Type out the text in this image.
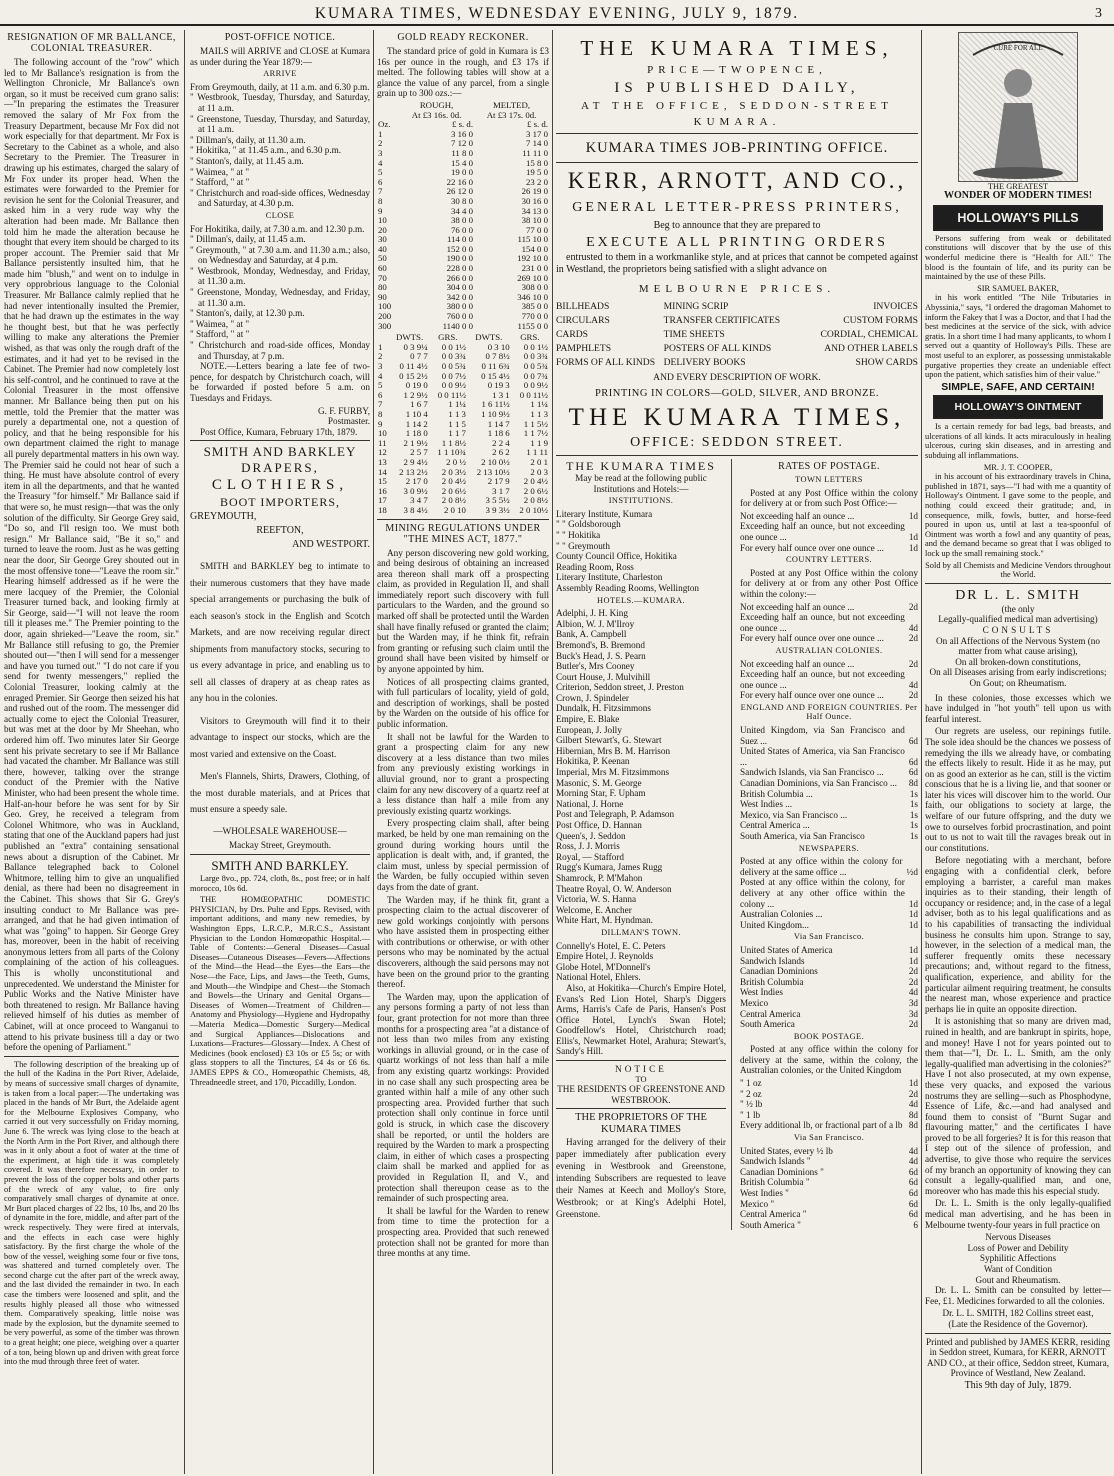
KUMARA TIMES, WEDNESDAY EVENING, JULY 9, 1879.	3
RESIGNATION OF MR BALLANCE,
COLONIAL TREASURER.

The following account of the "row" which led to Mr Ballance's resignation is from the Wellington Chronicle, Mr Ballance's own organ, so it must be received cum grano salis:—"In preparing the estimates the Treasurer removed the salary of Mr Fox from the Treasury Department, because Mr Fox did not work especially for that department. Mr Fox is Secretary to the Cabinet as a whole, and also Secretary to the Premier. The Treasurer in drawing up his estimates, charged the salary of Mr Fox under its proper head. When the estimates were forwarded to the Premier for revision he sent for the Colonial Treasurer, and asked him in a very rude way why the alteration had been made. Mr Ballance then told him he made the alteration because he thought that every item should be charged to its proper account. The Premier said that Mr Ballance persistently insulted him, that he made him "blush," and went on to indulge in very opprobrious language to the Colonial Treasurer. Mr Ballance calmly replied that he had never intentionally insulted the Premier, that he had drawn up the estimates in the way he thought best, but that he was perfectly willing to make any alterations the Premier wished, as that was only the rough draft of the estimates, and it had yet to be revised in the Cabinet. The Premier had now completely lost his self-control, and he continued to rave at the Colonial Treasurer in the most offensive manner. Mr Ballance being then put on his mettle, told the Premier that the matter was purely a departmental one, not a question of policy, and that he being responsible for his own department claimed the right to manage all purely departmental matters in his own way. The Premier said he could not hear of such a thing. He must have absolute control of every item in all the departments, and that he wanted the Treasury "for himself." Mr Ballance said if that were so, he must resign—that was the only solution of the difficulty. Sir George Grey said, "Do so, and I'll resign too. We must both resign." Mr Ballance said, "Be it so," and turned to leave the room. Just as he was getting near the door, Sir George Grey shouted out in the most offensive tone—"Leave the room sir." Hearing himself addressed as if he were the mere lacquey of the Premier, the Colonial Treasurer turned back, and looking firmly at Sir George, said—"I will not leave the room till it pleases me." The Premier pointing to the door, again shrieked—"Leave the room, sir." Mr Ballance still refusing to go, the Premier shouted out—"then I will send for a messenger and have you turned out." "I do not care if you send for twenty messengers," replied the Colonial Treasurer, looking calmly at the enraged Premier. Sir George then seized his hat and rushed out of the room. The messenger did actually come to eject the Colonial Treasurer, but was met at the door by Mr Sheehan, who ordered him off. Two minutes later Sir George sent his private secretary to see if Mr Ballance had vacated the chamber. Mr Ballance was still there, however, talking over the strange conduct of the Premier with the Native Minister, who had been present the whole time. Half-an-hour before he was sent for by Sir Geo. Grey, he received a telegram from Colonel Whitmore, who was in Auckland, stating that one of the Auckland papers had just published an "extra" containing sensational news about a disruption of the Cabinet. Mr Ballance telegraphed back to Colonel Whitmore, telling him to give an unqualified denial, as there had been no disagreement in the Cabinet. This shows that Sir G. Grey's insulting conduct to Mr Ballance was pre-arranged, and that he had given intimation of what was "going" to happen. Sir George Grey has, moreover, been in the habit of receiving anonymous letters from all parts of the Colony complaining of the action of his colleagues. This is wholly unconstitutional and unprecedented. We understand the Minister for Public Works and the Native Minister have both threatened to resign. Mr Ballance having relieved himself of his duties as member of Cabinet, will at once proceed to Wanganui to attend to his private business till a day or two before the opening of Parliament."

The following description of the breaking up of the hull of the Kadina in the Port River, Adelaide, by means of successive small charges of dynamite, is taken from a local paper:—The undertaking was placed in the hands of Mr Burt, the Adelaide agent for the Melbourne Explosives Company, who carried it out very successfully on Friday morning, June 6. The wreck was lying close to the beach at the North Arm in the Port River, and although there was in it only about a foot of water at the time of the experiment, at high tide it was completely covered. It was therefore necessary, in order to prevent the loss of the copper bolts and other parts of the wreck of any value, to fire only comparatively small charges of dynamite at once. Mr Burt placed charges of 22 lbs, 10 lbs, and 20 lbs of dynamite in the fore, middle, and after part of the wreck respectively. They were fired at intervals, and the effects in each case were highly satisfactory. By the first charge the whole of the bow of the vessel, weighing some four or five tons, was shattered and turned completely over. The second charge cut the after part of the wreck away, and the last divided the remainder in two. In each case the timbers were loosened and split, and the results highly pleased all those who witnessed them. Comparatively speaking, little noise was made by the explosion, but the dynamite seemed to be very powerful, as some of the timber was thrown to a great height; one piece, weighing over a quarter of a ton, being blown up and driven with great force into the mud through three feet of water.

POST-OFFICE NOTICE.

MAILS will ARRIVE and CLOSE at Kumara as under during the Year 1879:—

ARRIVE
From Greymouth, daily, at 11 a.m. and 6.30 p.m.
" Westbrook, Tuesday, Thursday, and Saturday, at 11 a.m.
" Greenstone, Tuesday, Thursday, and Saturday, at 11 a.m.
" Dillman's, daily, at 11.30 a.m.
" Hokitika, " at 11.45 a.m., and 6.30 p.m.
" Stanton's, daily, at 11.45 a.m.
" Waimea, " at "
" Stafford, " at "
" Christchurch and road-side offices, Wednesday and Saturday, at 4.30 p.m.
CLOSE
For Hokitika, daily, at 7.30 a.m. and 12.30 p.m.
" Dillman's, daily, at 11.45 a.m.
" Greymouth, " at 7.30 a.m. and 11.30 a.m.; also, on Wednesday and Saturday, at 4 p.m.
" Westbrook, Monday, Wednesday, and Friday, at 11.30 a.m.
" Greenstone, Monday, Wednesday, and Friday, at 11.30 a.m.
" Stanton's, daily, at 12.30 p.m.
" Waimea, " at "
" Stafford, " at "
" Christchurch and road-side offices, Monday and Thursday, at 7 p.m.

NOTE.—Letters bearing a late fee of two-pence, for despatch by Christchurch coach, will be forwarded if posted before 5 a.m. on Tuesdays and Fridays.

G. F. FURBY,
Postmaster.

Post Office, Kumara, February 17th, 1879.

SMITH AND BARKLEY
DRAPERS,
CLOTHIERS,
BOOT IMPORTERS,
GREYMOUTH,
REEFTON,
AND WESTPORT.

SMITH and BARKLEY beg to intimate to their numerous customers that they have made special arrangements or purchasing the bulk of each season's stock in the English and Scotch Markets, and are now receiving regular direct shipments from manufactory stocks, securing to us every advantage in price, and enabling us to sell all classes of drapery at as cheap rates as any hou in the colonies.

Visitors to Greymouth will find it to their advantage to inspect our stocks, which are the most varied and extensive on the Coast.

Men's Flannels, Shirts, Drawers, Clothing, of the most durable materials, and at Prices that must ensure a speedy sale.

—WHOLESALE WAREHOUSE—
Mackay Street, Greymouth.
SMITH AND BARKLEY.

Large 8vo., pp. 724, cloth, 8s., post free; or in half morocco, 10s 6d.

THE HOMŒOPATHIC DOMESTIC PHYSICIAN, by Drs. Pulte and Epps. Revised, with important additions, and many new remedies, by Washington Epps, L.R.C.P., M.R.C.S., Assistant Physician to the London Homœopathic Hospital.—Table of Contents:—General Diseases—Casual Diseases—Cutaneous Diseases—Fevers—Affections of the Mind—the Head—the Eyes—the Ears—the Nose—the Face, Lips, and Jaws—the Teeth, Gums, and Mouth—the Windpipe and Chest—the Stomach and Bowels—the Urinary and Genital Organs—Diseases of Women—Treatment of Children—Anatomy and Physiology—Hygiene and Hydropathy—Materia Medica—Domestic Surgery—Medical and Surgical Appliances—Dislocations and Luxations—Fractures—Glossary—Index. A Chest of Medicines (book enclosed) £3 10s or £5 5s; or with glass stoppers to all the Tinctures, £4 4s or £6 6s. JAMES EPPS & CO., Homœopathic Chemists, 48, Threadneedle street, and 170, Piccadilly, London.

GOLD READY RECKONER.

The standard price of gold in Kumara is £3 16s per ounce in the rough, and £3 17s if melted. The following tables will show at a glance the value of any parcel, from a single grain up to 300 ozs.:—

	ROUGH,	MELTED,
	At £3 16s. 0d.	At £3 17s. 0d.
Oz.	£ s. d.	£ s. d.
1	3 16 0	3 17 0
2	7 12 0	7 14 0
3	11 8 0	11 11 0
4	15 4 0	15 8 0
5	19 0 0	19 5 0
6	22 16 0	23 2 0
7	26 12 0	26 19 0
8	30 8 0	30 16 0
9	34 4 0	34 13 0
10	38 0 0	38 10 0
20	76 0 0	77 0 0
30	114 0 0	115 10 0
40	152 0 0	154 0 0
50	190 0 0	192 10 0
60	228 0 0	231 0 0
70	266 0 0	269 10 0
80	304 0 0	308 0 0
90	342 0 0	346 10 0
100	380 0 0	385 0 0
200	760 0 0	770 0 0
300	1140 0 0	1155 0 0
	DWTS.	GRS.	DWTS.	GRS.
1	0 3 9¼	0 0 1½	0 3 10	0 0 1½
2	0 7 7	0 0 3¾	0 7 8½	0 0 3¾
3	0 11 4½	0 0 5¾	0 11 6¾	0 0 5¾
4	0 15 2½	0 0 7½	0 15 4½	0 0 7¾
5	0 19 0	0 0 9½	0 19 3	0 0 9½
6	1 2 9½	0 0 11½	1 3 1	0 0 11½
7	1 6 7	1 1¼	1 6 11½	1 1¼
8	1 10 4	1 1 3	1 10 9½	1 1 3
9	1 14 2	1 1 5	1 14 7	1 1 5½
10	1 18 0	1 1 7	1 18 6	1 1 7½
11	2 1 9½	1 1 8½	2 2 4	1 1 9
12	2 5 7	1 1 10¾	2 6 2	1 1 11
13	2 9 4½	2 0 ½	2 10 0½	2 0 1
14	2 13 2½	2 0 3½	2 13 10½	2 0 3
15	2 17 0	2 0 4½	2 17 9	2 0 4½
16	3 0 9½	2 0 6½	3 1 7	2 0 6½
17	3 4 7	2 0 8½	3 5 5½	2 0 8½
18	3 8 4½	2 0 10	3 9 3½	2 0 10½
MINING REGULATIONS UNDER "THE MINES ACT, 1877."

Any person discovering new gold working, and being desirous of obtaining an increased area thereon shall mark off a prospecting claim, as provided in Regulation II, and shall immediately report such discovery with full particulars to the Warden, and the ground so marked off shall be protected until the Warden shall have finally refused or granted the claim; but the Warden may, if he think fit, refrain from granting or refusing such claim until the ground shall have been visited by himself or by anyone appointed by him.

Notices of all prospecting claims granted, with full particulars of locality, yield of gold, and description of workings, shall be posted by the Warden on the outside of his office for public information.

It shall not be lawful for the Warden to grant a prospecting claim for any new discovery at a less distance than two miles from any previously existing workings in alluvial ground, nor to grant a prospecting claim for any new discovery of a quartz reef at a less distance than half a mile from any previously existing quartz workings.

Every prospecting claim shall, after being marked, be held by one man remaining on the ground during working hours until the application is dealt with, and, if granted, the claim must, unless by special permission of the Warden, be fully occupied within seven days from the date of grant.

The Warden may, if he think fit, grant a prospecting claim to the actual discoverer of new gold workings conjointly with persons who have assisted them in prospecting either with contributions or otherwise, or with other persons who may be nominated by the actual discoverers, although the said persons may not have been on the ground prior to the granting thereof.

The Warden may, upon the application of any persons forming a party of not less than four, grant protection for not more than three months for a prospecting area "at a distance of not less than two miles from any existing workings in alluvial ground, or in the case of quartz workings of not less than half a mile from any existing quartz workings: Provided in no case shall any such prospecting area be granted within half a mile of any other such prospecting area. Provided further that such protection shall only continue in force until gold is struck, in which case the discovery shall be reported, or until the holders are required by the Warden to mark a prospecting claim, in either of which cases a prospecting claim shall be marked and applied for as provided in Regulation II, and V., and protection shall thereupon cease as to the remainder of such prospecting area.

It shall be lawful for the Warden to renew from time to time the protection for a prospecting area. Provided that such renewed protection shall not be granted for more than three months at any time.

THE KUMARA TIMES,
PRICE—TWOPENCE,
IS PUBLISHED DAILY,
AT THE OFFICE, SEDDON-STREET
KUMARA.
KUMARA TIMES JOB-PRINTING OFFICE.
KERR, ARNOTT, AND CO.,
GENERAL LETTER-PRESS PRINTERS,
Beg to announce that they are prepared to
EXECUTE ALL PRINTING ORDERS

entrusted to them in a workmanlike style, and at prices that cannot be competed against in Westland, the proprietors being satisfied with a slight advance on

MELBOURNE PRICES.
BILLHEADS	MINING SCRIP	INVOICES
CIRCULARS	TRANSFER CERTIFICATES	CUSTOM FORMS
CARDS	TIME SHEETS	CORDIAL, CHEMICAL
PAMPHLETS	POSTERS OF ALL KINDS	AND OTHER LABELS
FORMS OF ALL KINDS DELIVERY BOOKS	SHOW CARDS
AND EVERY DESCRIPTION OF WORK.
PRINTING IN COLORS—GOLD, SILVER, AND BRONZE.
THE KUMARA TIMES,
OFFICE: SEDDON STREET.
THE KUMARA TIMES

May be read at the following public Institutions and Hotels:—

INSTITUTIONS.
Literary Institute, Kumara
" " Goldsborough
" " Hokitika
" " Greymouth
County Council Office, Hokitika
Reading Room, Ross
Literary Institute, Charleston
Assembly Reading Rooms, Wellington
HOTELS.—KUMARA.
Adelphi, J. H. King
Albion, W. J. M'Ilroy
Bank, A. Campbell
Bremond's, B. Bremond
Buck's Head, J. S. Pearn
Butler's, Mrs Cooney
Court House, J. Mulvihill
Criterion, Seddon street, J. Preston
Crown, J. Spindeler
Dundalk, H. Fitzsimmons
Empire, E. Blake
European, J. Jolly
Gilbert Stewart's, G. Stewart
Hibernian, Mrs B. M. Harrison
Hokitika, P. Keenan
Imperial, Mrs M. Fitzsimmons
Masonic, S. M. George
Morning Star, F. Upham
National, J. Horne
Post and Telegraph, P. Adamson
Post Office, D. Hannan
Queen's, J. Seddon
Ross, J. J. Morris
Royal, — Stafford
Rugg's Kumara, James Rugg
Shamrock, P. M'Mahon
Theatre Royal, O. W. Anderson
Victoria, W. S. Hanna
Welcome, E. Ancher
White Hart, M. Hyndman.
DILLMAN'S TOWN.
Connelly's Hotel, E. C. Peters
Empire Hotel, J. Reynolds
Globe Hotel, M'Donnell's
National Hotel, Ehlers.

Also, at Hokitika—Church's Empire Hotel, Evans's Red Lion Hotel, Sharp's Diggers Arms, Harris's Cafe de Paris, Hansen's Post Office Hotel, Lynch's Swan Hotel; Goodfellow's Hotel, Christchurch road; Ellis's, Newmarket Hotel, Arahura; Stewart's, Sandy's Hill.

NOTICE
TO
THE RESIDENTS OF GREENSTONE AND WESTBROOK.
THE PROPRIETORS OF THE KUMARA TIMES

Having arranged for the delivery of their paper immediately after publication every evening in Westbrook and Greenstone, intending Subscribers are requested to leave their Names at Keech and Molloy's Store, Westbrook; or at King's Adelphi Hotel, Greenstone.

RATES OF POSTAGE.
TOWN LETTERS

Posted at any Post Office within the colony for delivery at or from such Post Office:—

Not exceeding half an ounce ...	1d
Exceeding half an ounce, but not exceeding one ounce ...	1d
For every half ounce over one ounce ...	1d
COUNTRY LETTERS.

Posted at any Post Office within the colony for delivery at or from any other Post Office within the colony:—

Not exceeding half an ounce ...	2d
Exceeding half an ounce, but not exceeding one ounce ...	4d
For every half ounce over one ounce ...	2d
AUSTRALIAN COLONIES.
Not exceeding half an ounce ...	2d
Exceeding half an ounce, but not exceeding one ounce ...	4d
For every half ounce over one ounce ...	2d
ENGLAND AND FOREIGN COUNTRIES. Per Half Ounce.
United Kingdom, via San Francisco and Suez ...	6d
United States of America, via San Francisco ...	6d
Sandwich Islands, via San Francisco ...	6d
Canadian Dominions, via San Francisco ...	8d
British Columbia ...	1s
West Indies ...	1s
Mexico, via San Francisco ...	1s
Central America ...	1s
South America, via San Francisco	1s
NEWSPAPERS.
Posted at any office within the colony for delivery at the same office ...	½d
Posted at any office within the colony, for delivery at any other office within the colony ...	1d
Australian Colonies ...	1d
United Kingdom...	1d
Via San Francisco.
United States of America	1d
Sandwich Islands	1d
Canadian Dominions	2d
British Columbia	2d
West Indies	4d
Mexico	3d
Central America	3d
South America	2d
BOOK POSTAGE.

Posted at any office within the colony for delivery at the same, within the colony, the Australian colonies, or the United Kingdom

" 1 oz	1d
" 2 oz	2d
" ½ lb	4d
" 1 lb	8d
Every additional lb, or fractional part of a lb 8d
Via San Francisco.
United States, every ½ lb	4d
Sandwich Islands "	4d
Canadian Dominions "	6d
British Columbia "	6d
West Indies "	6d
Mexico "	6d
Central America "	6d
South America "	6
CURE FOR ALL
THE GREATEST
WONDER OF MODERN TIMES!
HOLLOWAY'S PILLS

Persons suffering from weak or debilitated constitutions will discover that by the use of this wonderful medicine there is "Health for All." The blood is the fountain of life, and its purity can be maintained by the use of these Pills.

SIR SAMUEL BAKER,

in his work entitled "The Nile Tributaries in Abyssinia," says, "I ordered the dragoman Mahomet to inform the Fakey that I was a Doctor, and that I had the best medicines at the service of the sick, with advice gratis. In a short time I had many applicants, to whom I served out a quantity of Holloway's Pills. These are most useful to an explorer, as possessing unmistakable purgative properties they create an undeniable effect upon the patient, which satisfies him of their value."

SIMPLE, SAFE, AND CERTAIN!
HOLLOWAY'S OINTMENT

Is a certain remedy for bad legs, bad breasts, and ulcerations of all kinds. It acts miraculously in healing ulcerous, curing skin diseases, and in arresting and subduing all inflammations.

MR. J. T. COOPER,

in his account of his extraordinary travels in China, published in 1871, says—"I had with me a quantity of Holloway's Ointment. I gave some to the people, and nothing could exceed their gratitude; and, in consequence, milk, fowls, butter, and horse-feed poured in upon us, until at last a tea-spoonful of Ointment was worth a fowl and any quantity of peas, and the demand became so great that I was obliged to lock up the small remaining stock."

Sold by all Chemists and Medicine Vendors throughout the World.
DR L. L. SMITH
(the only
Legally-qualified medical man advertising)
CONSULTS
On all Affections of the Nervous System (no matter from what cause arising),
On all broken-down constitutions,
On all Diseases arising from early indiscretions;
On Gout; on Rheumatism.

In these colonies, those excesses which we have indulged in "hot youth" tell upon us with fearful interest.

Our regrets are useless, our repinings futile. The sole idea should be the chances we possess of remedying the ills we already have, or combating the effects likely to result. Hide it as he may, put on as good an exterior as he can, still is the victim conscious that he is a living lie, and that sooner or later his vices will discover him to the world. Our faith, our obligations to society at large, the welfare of our future offspring, and the duty we owe to ourselves forbid procrastination, and point out to us not to wait till the ravages break out in our constitutions.

Before negotiating with a merchant, before engaging with a confidential clerk, before employing a barrister, a careful man makes inquiries as to their standing, their length of occupancy or residence; and, in the case of a legal adviser, both as to his legal qualifications and as to his capabilities of transacting the individual business he consults him upon. Strange to say, however, in the selection of a medical man, the sufferer frequently omits these necessary precautions; and, without regard to the fitness, qualification, experience, and ability for the particular ailment requiring treatment, he consults the nearest man, whose experience and practice perhaps lie in quite an opposite direction.

It is astonishing that so many are driven mad, ruined in health, and are bankrupt in spirits, hope, and money! Have I not for years pointed out to them that—"I, Dr. L. L. Smith, am the only legally-qualified man advertising in the colonies?" Have I not also prosecuted, at my own expense, these very quacks, and exposed the various nostrums they are selling—such as Phosphodyne, Essence of Life, &c.—and had analysed and found them to consist of "Burnt Sugar and flavouring matter," and the certificates I have proved to be all forgeries? It is for this reason that I step out of the silence of profession, and advertise, to give those who require the services of my branch an opportunity of knowing they can consult a legally-qualified man, and one, moreover who has made this his especial study.

Dr. L. L. Smith is the only legally-qualified medical man advertising, and he has been in Melbourne twenty-four years in full practice on

Nervous Diseases
Loss of Power and Debility
Syphilitic Affections
Want of Condition
Gout and Rheumatism.

Dr. L. L. Smith can be consulted by letter—Fee, £1. Medicines forwarded to all the colonies.

Dr. L. L. SMITH, 182 Collins street east,
(Late the Residence of the Governor).

Printed and published by JAMES KERR, residing in Seddon street, Kumara, for KERR, ARNOTT AND CO., at their office, Seddon street, Kumara, Province of Westland, New Zealand.

This 9th day of July, 1879.
